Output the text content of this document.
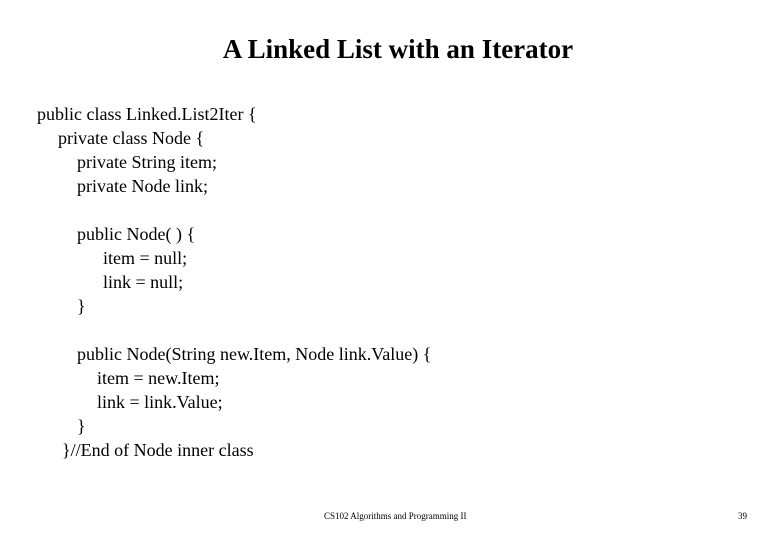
A Linked List with an Iterator
public class Linked.List2Iter {
private class Node {
private String item;
private Node link;
public Node( ) {
item = null;
link = null;
}
public Node(String new.Item, Node link.Value) {
item = new.Item;
link = link.Value;
}
}//End of Node inner class
CS102 Algorithms and Programming II	39
